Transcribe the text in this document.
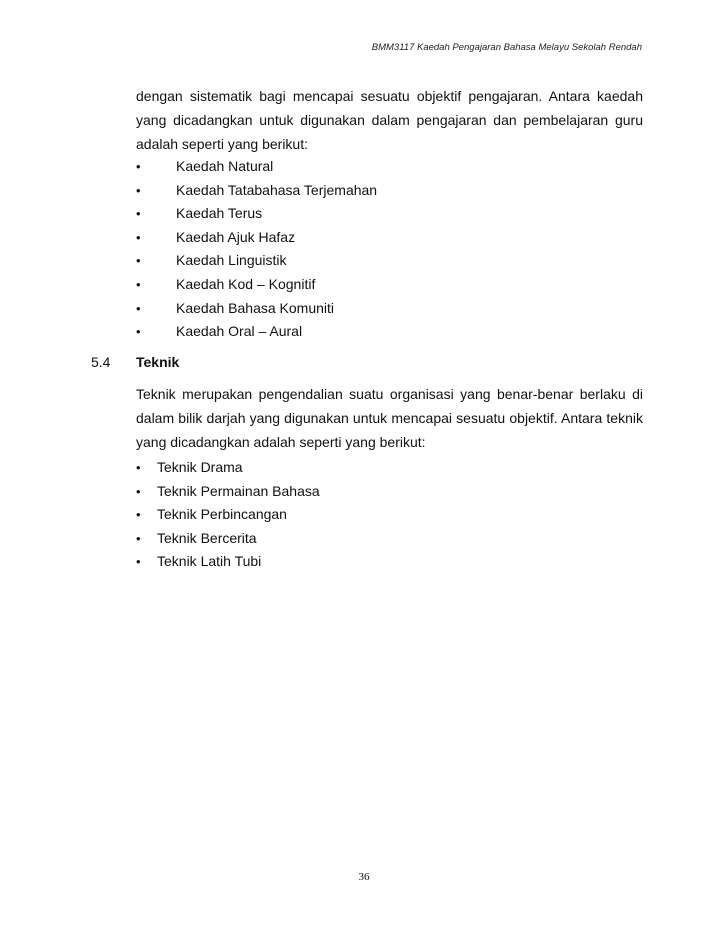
BMM3117 Kaedah Pengajaran Bahasa Melayu Sekolah Rendah

dengan sistematik bagi mencapai sesuatu objektif pengajaran. Antara kaedah yang dicadangkan untuk digunakan dalam pengajaran dan pembelajaran guru adalah seperti yang berikut:

•	Kaedah Natural
•	Kaedah Tatabahasa Terjemahan
•	Kaedah Terus
•	Kaedah Ajuk Hafaz
•	Kaedah Linguistik
•	Kaedah Kod – Kognitif
•	Kaedah Bahasa Komuniti
•	Kaedah Oral – Aural
5.4 Teknik

Teknik merupakan pengendalian suatu organisasi yang benar-benar berlaku di dalam bilik darjah yang digunakan untuk mencapai sesuatu objektif. Antara teknik yang dicadangkan adalah seperti yang berikut:

• Teknik Drama
• Teknik Permainan Bahasa
• Teknik Perbincangan
• Teknik Bercerita
• Teknik Latih Tubi
36
